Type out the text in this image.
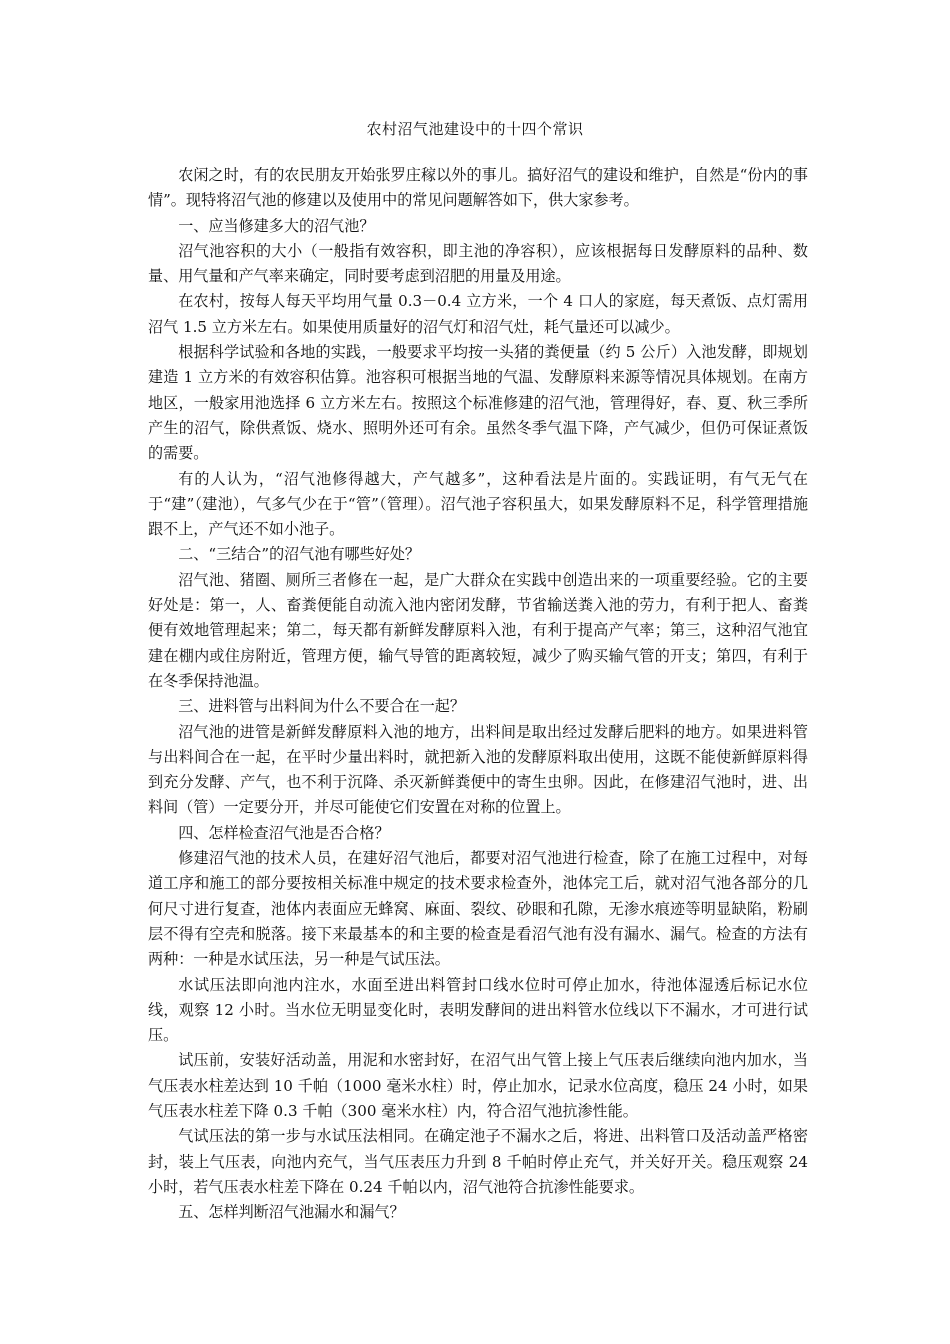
农村沼气池建设中的十四个常识

农闲之时，有的农民朋友开始张罗庄稼以外的事儿。搞好沼气的建设和维护，自然是“份内的事情”。现特将沼气池的修建以及使用中的常见问题解答如下，供大家参考。

一、应当修建多大的沼气池？

沼气池容积的大小（一般指有效容积，即主池的净容积），应该根据每日发酵原料的品种、数量、用气量和产气率来确定，同时要考虑到沼肥的用量及用途。

在农村，按每人每天平均用气量 0.3－0.4 立方米，一个 4 口人的家庭，每天煮饭、点灯需用沼气 1.5 立方米左右。如果使用质量好的沼气灯和沼气灶，耗气量还可以减少。

根据科学试验和各地的实践，一般要求平均按一头猪的粪便量（约 5 公斤）入池发酵，即规划建造 1 立方米的有效容积估算。池容积可根据当地的气温、发酵原料来源等情况具体规划。在南方地区，一般家用池选择 6 立方米左右。按照这个标准修建的沼气池，管理得好，春、夏、秋三季所产生的沼气，除供煮饭、烧水、照明外还可有余。虽然冬季气温下降，产气减少，但仍可保证煮饭的需要。

有的人认为，“沼气池修得越大，产气越多”，这种看法是片面的。实践证明，有气无气在于“建”（建池），气多气少在于“管”（管理）。沼气池子容积虽大，如果发酵原料不足，科学管理措施跟不上，产气还不如小池子。

二、“三结合”的沼气池有哪些好处？

沼气池、猪圈、厕所三者修在一起，是广大群众在实践中创造出来的一项重要经验。它的主要好处是：第一，人、畜粪便能自动流入池内密闭发酵，节省输送粪入池的劳力，有利于把人、畜粪便有效地管理起来；第二，每天都有新鲜发酵原料入池，有利于提高产气率；第三，这种沼气池宜建在棚内或住房附近，管理方便，输气导管的距离较短，减少了购买输气管的开支；第四，有利于在冬季保持池温。

三、进料管与出料间为什么不要合在一起？

沼气池的进管是新鲜发酵原料入池的地方，出料间是取出经过发酵后肥料的地方。如果进料管与出料间合在一起，在平时少量出料时，就把新入池的发酵原料取出使用，这既不能使新鲜原料得到充分发酵、产气，也不利于沉降、杀灭新鲜粪便中的寄生虫卵。因此，在修建沼气池时，进、出料间（管）一定要分开，并尽可能使它们安置在对称的位置上。

四、怎样检查沼气池是否合格？

修建沼气池的技术人员，在建好沼气池后，都要对沼气池进行检查，除了在施工过程中，对每道工序和施工的部分要按相关标准中规定的技术要求检查外，池体完工后，就对沼气池各部分的几何尺寸进行复查，池体内表面应无蜂窝、麻面、裂纹、砂眼和孔隙，无渗水痕迹等明显缺陷，粉刷层不得有空壳和脱落。接下来最基本的和主要的检查是看沼气池有没有漏水、漏气。检查的方法有两种：一种是水试压法，另一种是气试压法。

水试压法即向池内注水，水面至进出料管封口线水位时可停止加水，待池体湿透后标记水位线，观察 12 小时。当水位无明显变化时，表明发酵间的进出料管水位线以下不漏水，才可进行试压。

试压前，安装好活动盖，用泥和水密封好，在沼气出气管上接上气压表后继续向池内加水，当气压表水柱差达到 10 千帕（1000 毫米水柱）时，停止加水，记录水位高度，稳压 24 小时，如果气压表水柱差下降 0.3 千帕（300 毫米水柱）内，符合沼气池抗渗性能。

气试压法的第一步与水试压法相同。在确定池子不漏水之后，将进、出料管口及活动盖严格密封，装上气压表，向池内充气，当气压表压力升到 8 千帕时停止充气，并关好开关。稳压观察 24 小时，若气压表水柱差下降在 0.24 千帕以内，沼气池符合抗渗性能要求。

五、怎样判断沼气池漏水和漏气？
